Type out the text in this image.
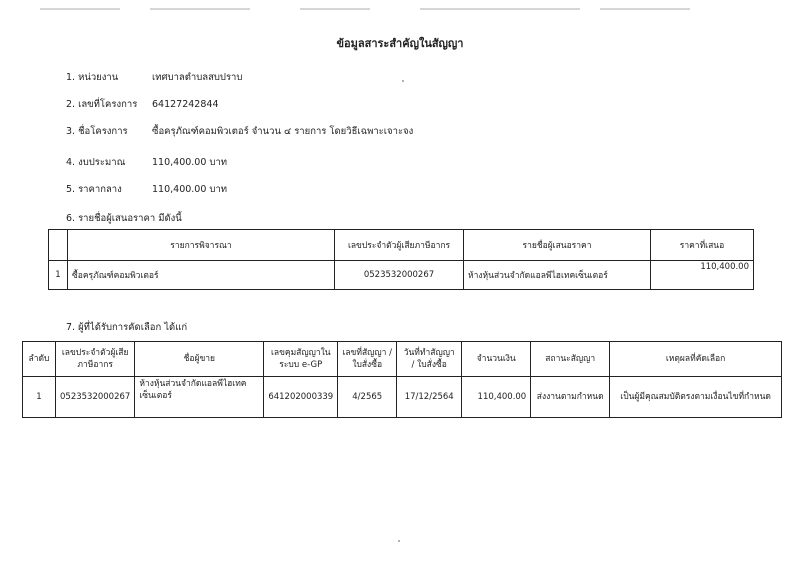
ข้อมูลสาระสำคัญในสัญญา
1. หน่วยงาน	เทศบาลตำบลสบปราบ
2. เลขที่โครงการ 64127242844
3. ชื่อโครงการ	ซื้อครุภัณฑ์คอมพิวเตอร์ จำนวน ๔ รายการ โดยวิธีเฉพาะเจาะจง
4. งบประมาณ	110,400.00 บาท
5. ราคากลาง	110,400.00 บาท
6. รายชื่อผู้เสนอราคา มีดังนี้
	รายการพิจารณา	เลขประจำตัวผู้เสียภาษีอากร	รายชื่อผู้เสนอราคา	ราคาที่เสนอ
1	ซื้อครุภัณฑ์คอมพิวเตอร์	0523532000267	ห้างหุ้นส่วนจำกัดแอลพีไฮเทคเซ็นเตอร์	110,400.00
7. ผู้ที่ได้รับการคัดเลือก ได้แก่
ลำดับ	เลขประจำตัวผู้เสียภาษีอากร	ชื่อผู้ขาย	เลขคุมสัญญาในระบบ e-GP	เลขที่สัญญา / ใบสั่งซื้อ	วันที่ทำสัญญา / ใบสั่งซื้อ	จำนวนเงิน	สถานะสัญญา	เหตุผลที่คัดเลือก
1	0523532000267	ห้างหุ้นส่วนจำกัดแอลพีไฮเทค เซ็นเตอร์	641202000339	4/2565	17/12/2564	110,400.00	ส่งงานตามกำหนด	เป็นผู้มีคุณสมบัติตรงตามเงื่อนไขที่กำหนด
